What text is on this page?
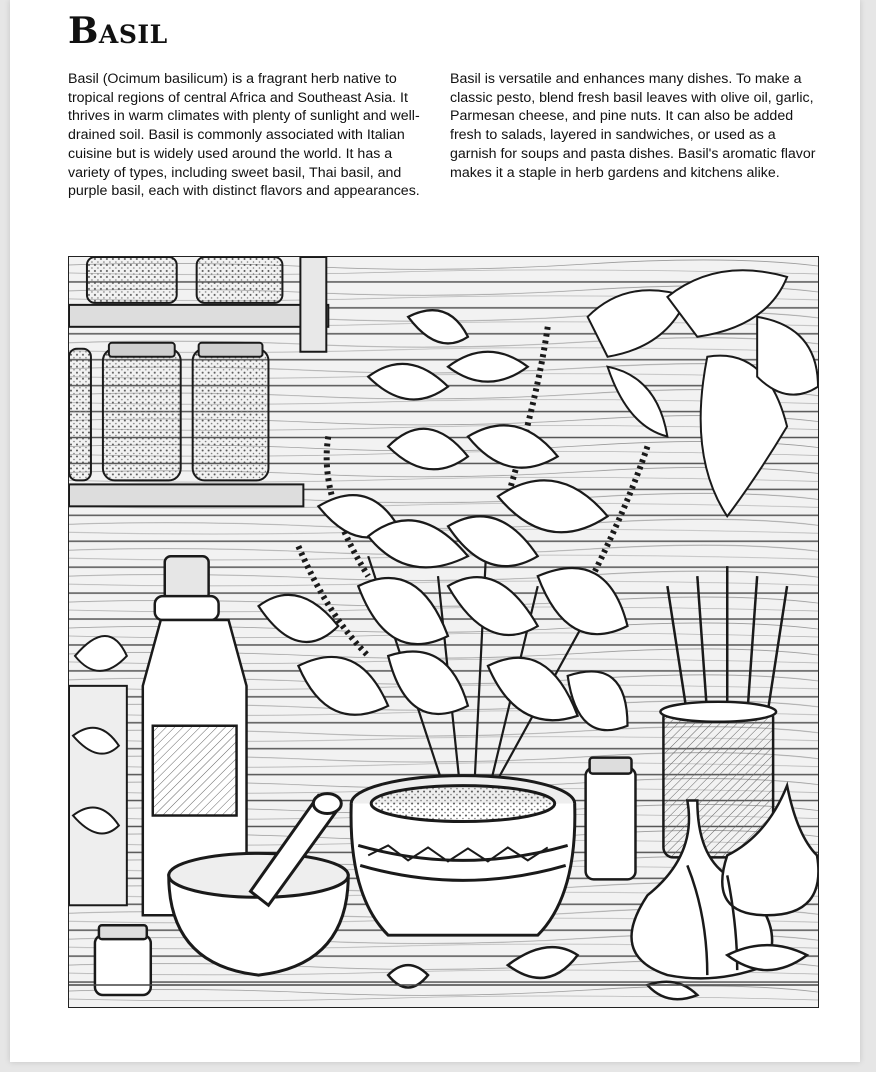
Basil

Basil (Ocimum basilicum) is a fragrant herb native to tropical regions of central Africa and Southeast Asia. It thrives in warm climates with plenty of sunlight and well-drained soil. Basil is commonly associated with Italian cuisine but is widely used around the world. It has a variety of types, including sweet basil, Thai basil, and purple basil, each with distinct flavors and appearances.

Basil is versatile and enhances many dishes. To make a classic pesto, blend fresh basil leaves with olive oil, garlic, Parmesan cheese, and pine nuts. It can also be added fresh to salads, layered in sandwiches, or used as a garnish for soups and pasta dishes. Basil's aromatic flavor makes it a staple in herb gardens and kitchens alike.
